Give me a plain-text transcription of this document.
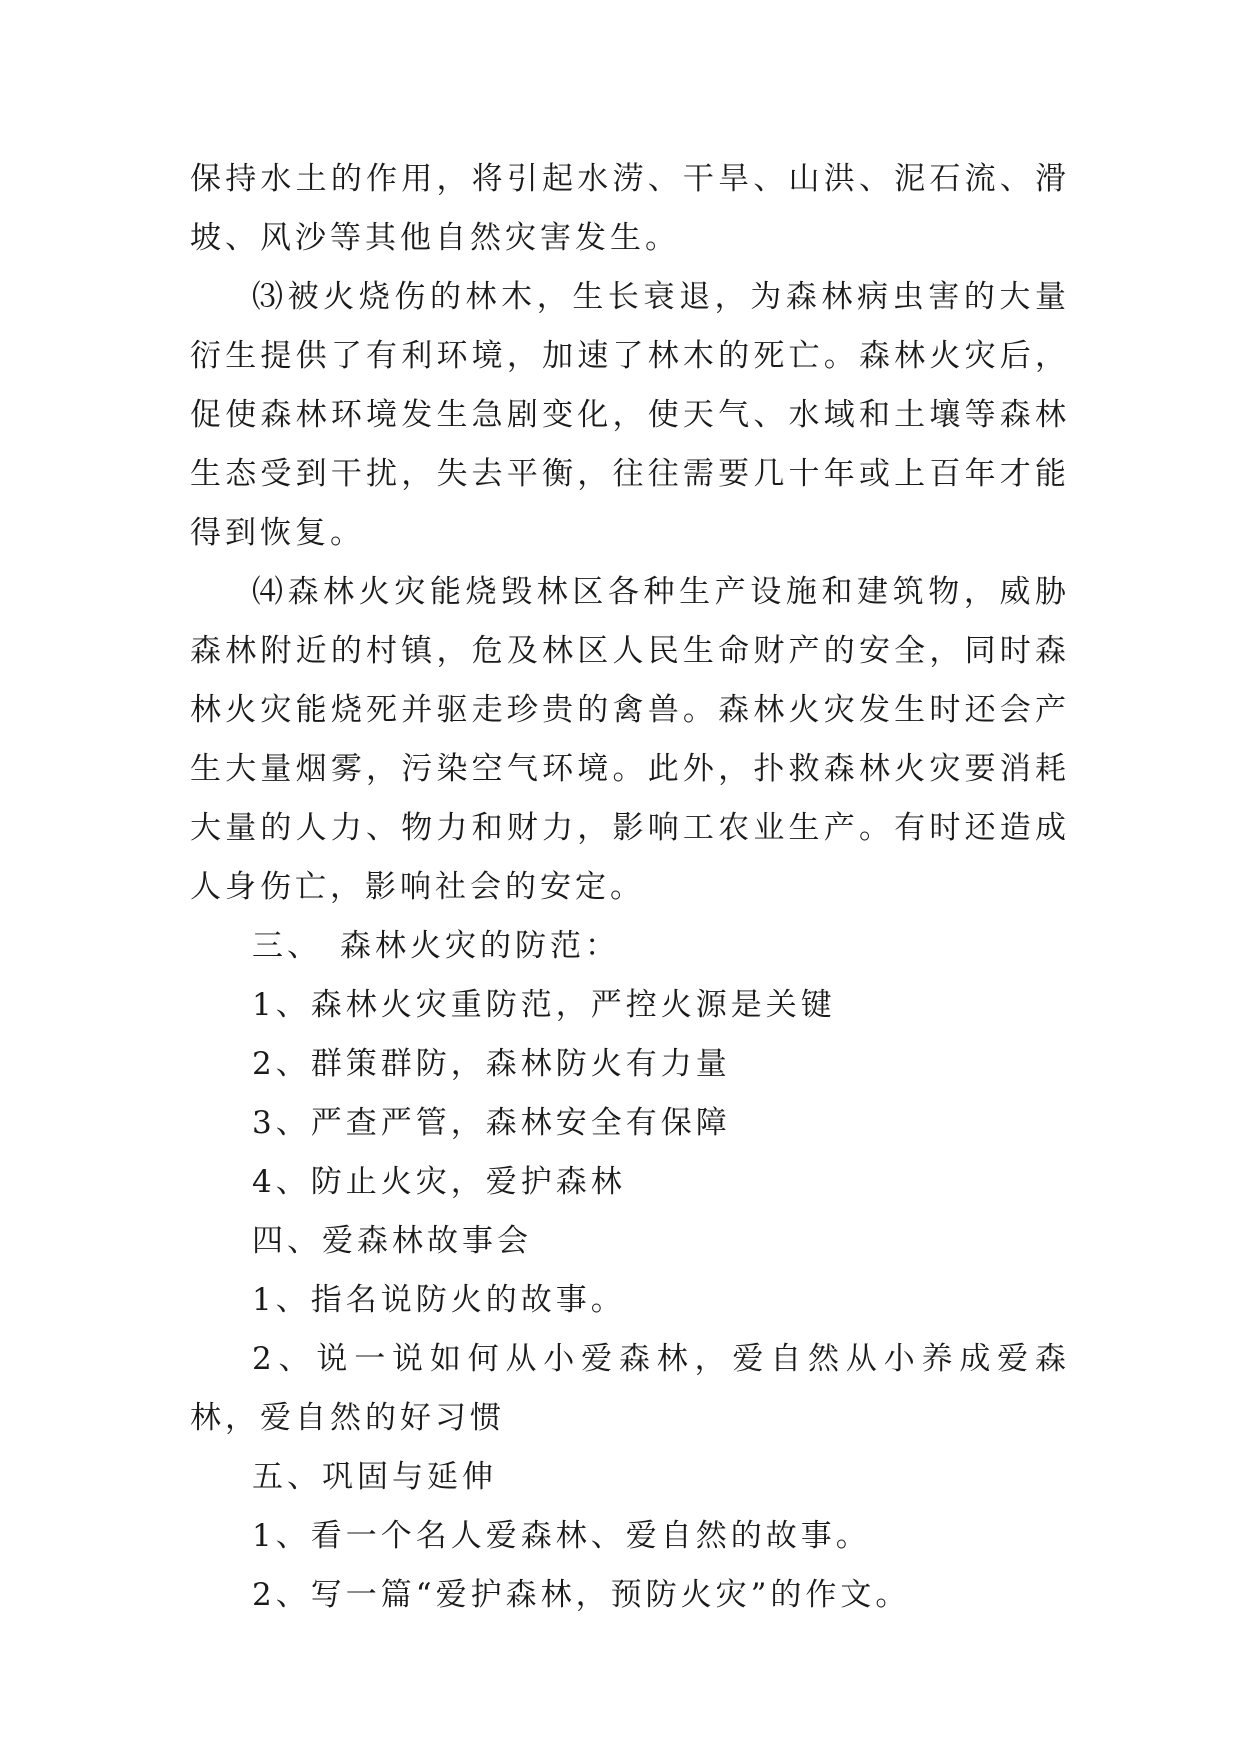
保持水土的作用，将引起水涝、干旱、山洪、泥石流、滑坡、风沙等其他自然灾害发生。

⑶被火烧伤的林木，生长衰退，为森林病虫害的大量衍生提供了有利环境，加速了林木的死亡。森林火灾后，促使森林环境发生急剧变化，使天气、水域和土壤等森林生态受到干扰，失去平衡，往往需要几十年或上百年才能得到恢复。

⑷森林火灾能烧毁林区各种生产设施和建筑物，威胁森林附近的村镇，危及林区人民生命财产的安全，同时森林火灾能烧死并驱走珍贵的禽兽。森林火灾发生时还会产生大量烟雾，污染空气环境。此外，扑救森林火灾要消耗大量的人力、物力和财力，影响工农业生产。有时还造成人身伤亡，影响社会的安定。

三、 森林火灾的防范：

1、森林火灾重防范，严控火源是关键

2、群策群防，森林防火有力量

3、严查严管，森林安全有保障

4、防止火灾，爱护森林

四、爱森林故事会

1、指名说防火的故事。

2、说一说如何从小爱森林，爱自然从小养成爱森林，爱自然的好习惯

五、巩固与延伸

1、看一个名人爱森林、爱自然的故事。

2、写一篇“爱护森林，预防火灾”的作文。
